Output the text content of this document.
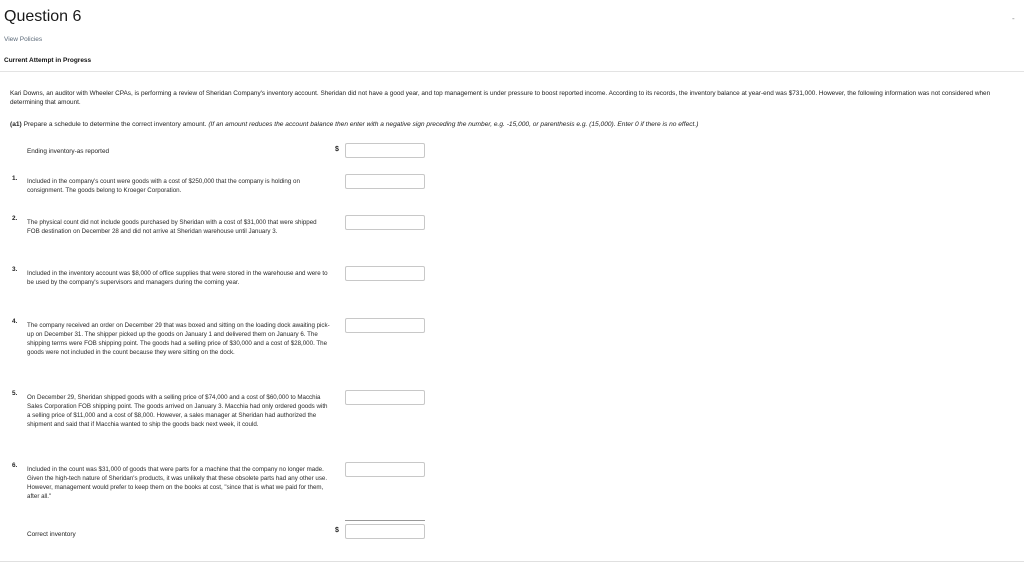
Question 6
View Policies
Current Attempt in Progress
-
Kari Downs, an auditor with Wheeler CPAs, is performing a review of Sheridan Company's inventory account. Sheridan did not have a good year, and top management is under pressure to boost reported income. According to its records, the inventory balance at year-end was $731,000. However, the following information was not considered when determining that amount.
(a1) Prepare a schedule to determine the correct inventory amount. (If an amount reduces the account balance then enter with a negative sign preceding the number, e.g. -15,000, or parenthesis e.g. (15,000). Enter 0 if there is no effect.)
Ending inventory-as reported	$
1. Included in the company's count were goods with a cost of $250,000 that the company is holding on consignment. The goods belong to Kroeger Corporation.
2.
The physical count did not include goods purchased by Sheridan with a cost of $31,000 that were shipped FOB destination on December 28 and did not arrive at Sheridan warehouse until January 3.
3.
Included in the inventory account was $8,000 of office supplies that were stored in the warehouse and were to be used by the company's supervisors and managers during the coming year.
4.
The company received an order on December 29 that was boxed and sitting on the loading dock awaiting pick-up on December 31. The shipper picked up the goods on January 1 and delivered them on January 6. The shipping terms were FOB shipping point. The goods had a selling price of $30,000 and a cost of $28,000. The goods were not included in the count because they were sitting on the dock.
5.
On December 29, Sheridan shipped goods with a selling price of $74,000 and a cost of $60,000 to Macchia Sales Corporation FOB shipping point. The goods arrived on January 3. Macchia had only ordered goods with a selling price of $11,000 and a cost of $8,000. However, a sales manager at Sheridan had authorized the shipment and said that if Macchia wanted to ship the goods back next week, it could.
6.
Included in the count was $31,000 of goods that were parts for a machine that the company no longer made. Given the high-tech nature of Sheridan's products, it was unlikely that these obsolete parts had any other use. However, management would prefer to keep them on the books at cost, "since that is what we paid for them, after all."
Correct inventory
$
